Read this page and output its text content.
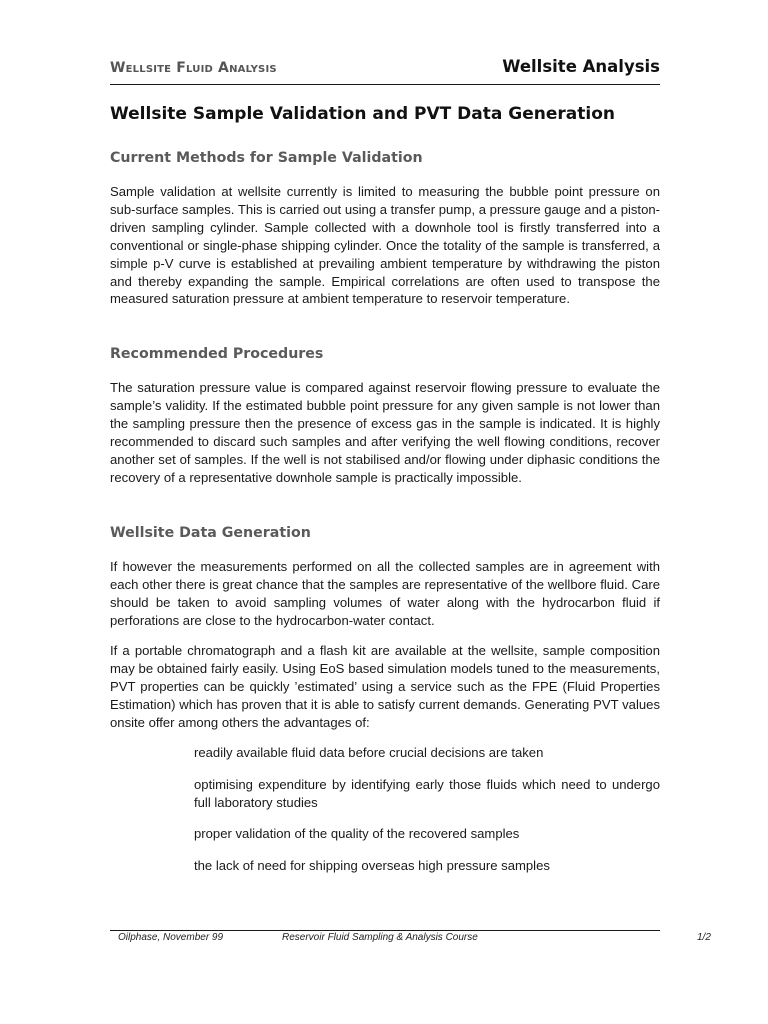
Wellsite Fluid Analysis	Wellsite Analysis
Wellsite Sample Validation and PVT Data Generation
Current Methods for Sample Validation

Sample validation at wellsite currently is limited to measuring the bubble point pressure on sub-surface samples. This is carried out using a transfer pump, a pressure gauge and a piston-driven sampling cylinder. Sample collected with a downhole tool is firstly transferred into a conventional or single-phase shipping cylinder. Once the totality of the sample is transferred, a simple p-V curve is established at prevailing ambient temperature by withdrawing the piston and thereby expanding the sample. Empirical correlations are often used to transpose the measured saturation pressure at ambient temperature to reservoir temperature.

Recommended Procedures

The saturation pressure value is compared against reservoir flowing pressure to evaluate the sample’s validity. If the estimated bubble point pressure for any given sample is not lower than the sampling pressure then the presence of excess gas in the sample is indicated. It is highly recommended to discard such samples and after verifying the well flowing conditions, recover another set of samples. If the well is not stabilised and/or flowing under diphasic conditions the recovery of a representative downhole sample is practically impossible.

Wellsite Data Generation

If however the measurements performed on all the collected samples are in agreement with each other there is great chance that the samples are representative of the wellbore fluid. Care should be taken to avoid sampling volumes of water along with the hydrocarbon fluid if perforations are close to the hydrocarbon-water contact.

If a portable chromatograph and a flash kit are available at the wellsite, sample composition may be obtained fairly easily. Using EoS based simulation models tuned to the measurements, PVT properties can be quickly ’estimated’ using a service such as the FPE (Fluid Properties Estimation) which has proven that it is able to satisfy current demands. Generating PVT values onsite offer among others the advantages of:

readily available fluid data before crucial decisions are taken

optimising expenditure by identifying early those fluids which need to undergo full laboratory studies

proper validation of the quality of the recovered samples

the lack of need for shipping overseas high pressure samples

Oilphase, November 99	Reservoir Fluid Sampling & Analysis Course	1/2
